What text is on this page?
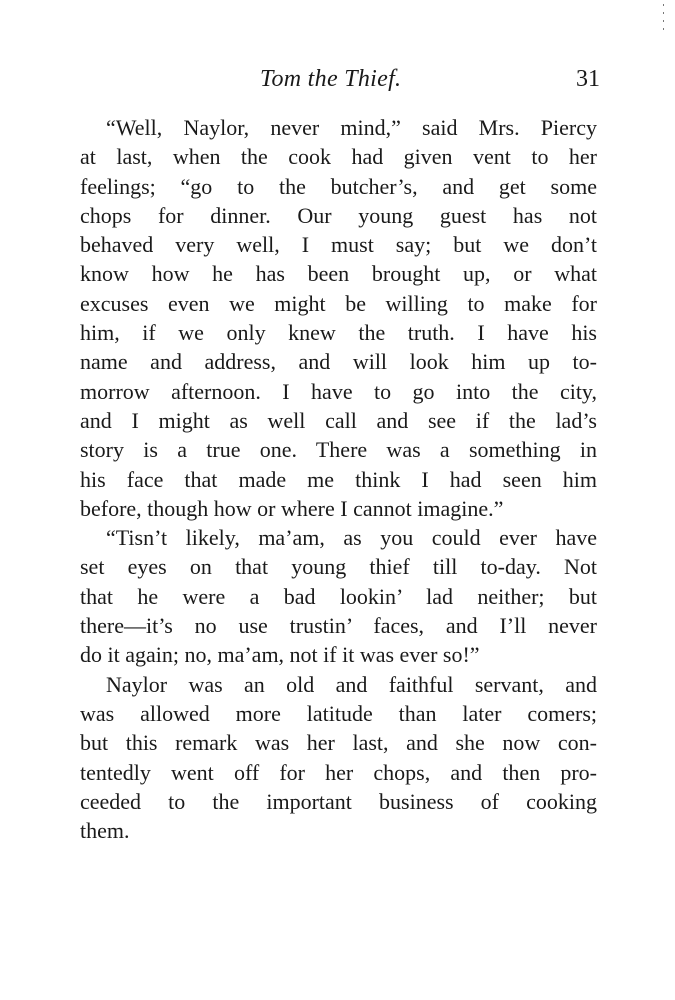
Tom the Thief.	31
“Well, Naylor, never mind,” said Mrs. Piercy
at last, when the cook had given vent to her
feelings; “go to the butcher’s, and get some
chops for dinner. Our young guest has not
behaved very well, I must say; but we don’t
know how he has been brought up, or what
excuses even we might be willing to make for
him, if we only knew the truth. I have his
name and address, and will look him up to-
morrow afternoon. I have to go into the city,
and I might as well call and see if the lad’s
story is a true one. There was a something in
his face that made me think I had seen him
before, though how or where I cannot imagine.”
“Tisn’t likely, ma’am, as you could ever have
set eyes on that young thief till to-day. Not
that he were a bad lookin’ lad neither; but
there—it’s no use trustin’ faces, and I’ll never
do it again; no, ma’am, not if it was ever so!”
Naylor was an old and faithful servant, and
was allowed more latitude than later comers;
but this remark was her last, and she now con-
tentedly went off for her chops, and then pro-
ceeded to the important business of cooking
them.
